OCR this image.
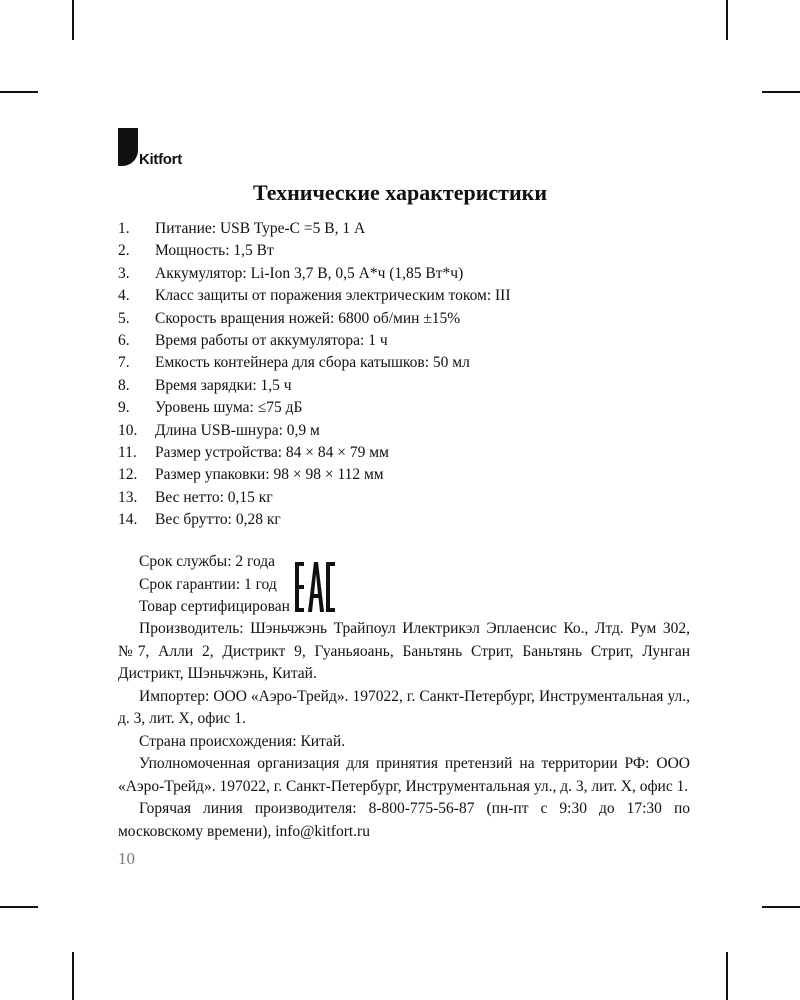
Kitfort
Технические характеристики
1.	Питание: USB Type-C =5 В, 1 А
2.	Мощность: 1,5 Вт
3.	Аккумулятор: Li-Ion 3,7 В, 0,5 А*ч (1,85 Вт*ч)
4.	Класс защиты от поражения электрическим током: III
5.	Скорость вращения ножей: 6800 об/мин ±15%
6.	Время работы от аккумулятора: 1 ч
7.	Емкость контейнера для сбора катышков: 50 мл
8.	Время зарядки: 1,5 ч
9.	Уровень шума: ≤75 дБ
10.	Длина USB-шнура: 0,9 м
11.	Размер устройства: 84 × 84 × 79 мм
12.	Размер упаковки: 98 × 98 × 112 мм
13.	Вес нетто: 0,15 кг
14.	Вес брутто: 0,28 кг

Срок службы: 2 года

Срок гарантии: 1 год

Товар сертифицирован

Производитель: Шэньчжэнь Трайпоул Илектрикэл Эплаенсис Ко., Лтд. Рум 302, №7, Алли 2, Дистрикт 9, Гуаньяоань, Баньтянь Стрит, Баньтянь Стрит, Лунган Дистрикт, Шэньчжэнь, Китай.

Импортер: ООО «Аэро-Трейд». 197022, г. Санкт-Петербург, Инструментальная ул., д. 3, лит. Х, офис 1.

Страна происхождения: Китай.

Уполномоченная организация для принятия претензий на территории РФ: ООО «Аэро-Трейд». 197022, г. Санкт-Петербург, Инструментальная ул., д. 3, лит. Х, офис 1.

Горячая линия производителя: 8-800-775-56-87 (пн-пт с 9:30 до 17:30 по московскому времени), info@kitfort.ru

10
